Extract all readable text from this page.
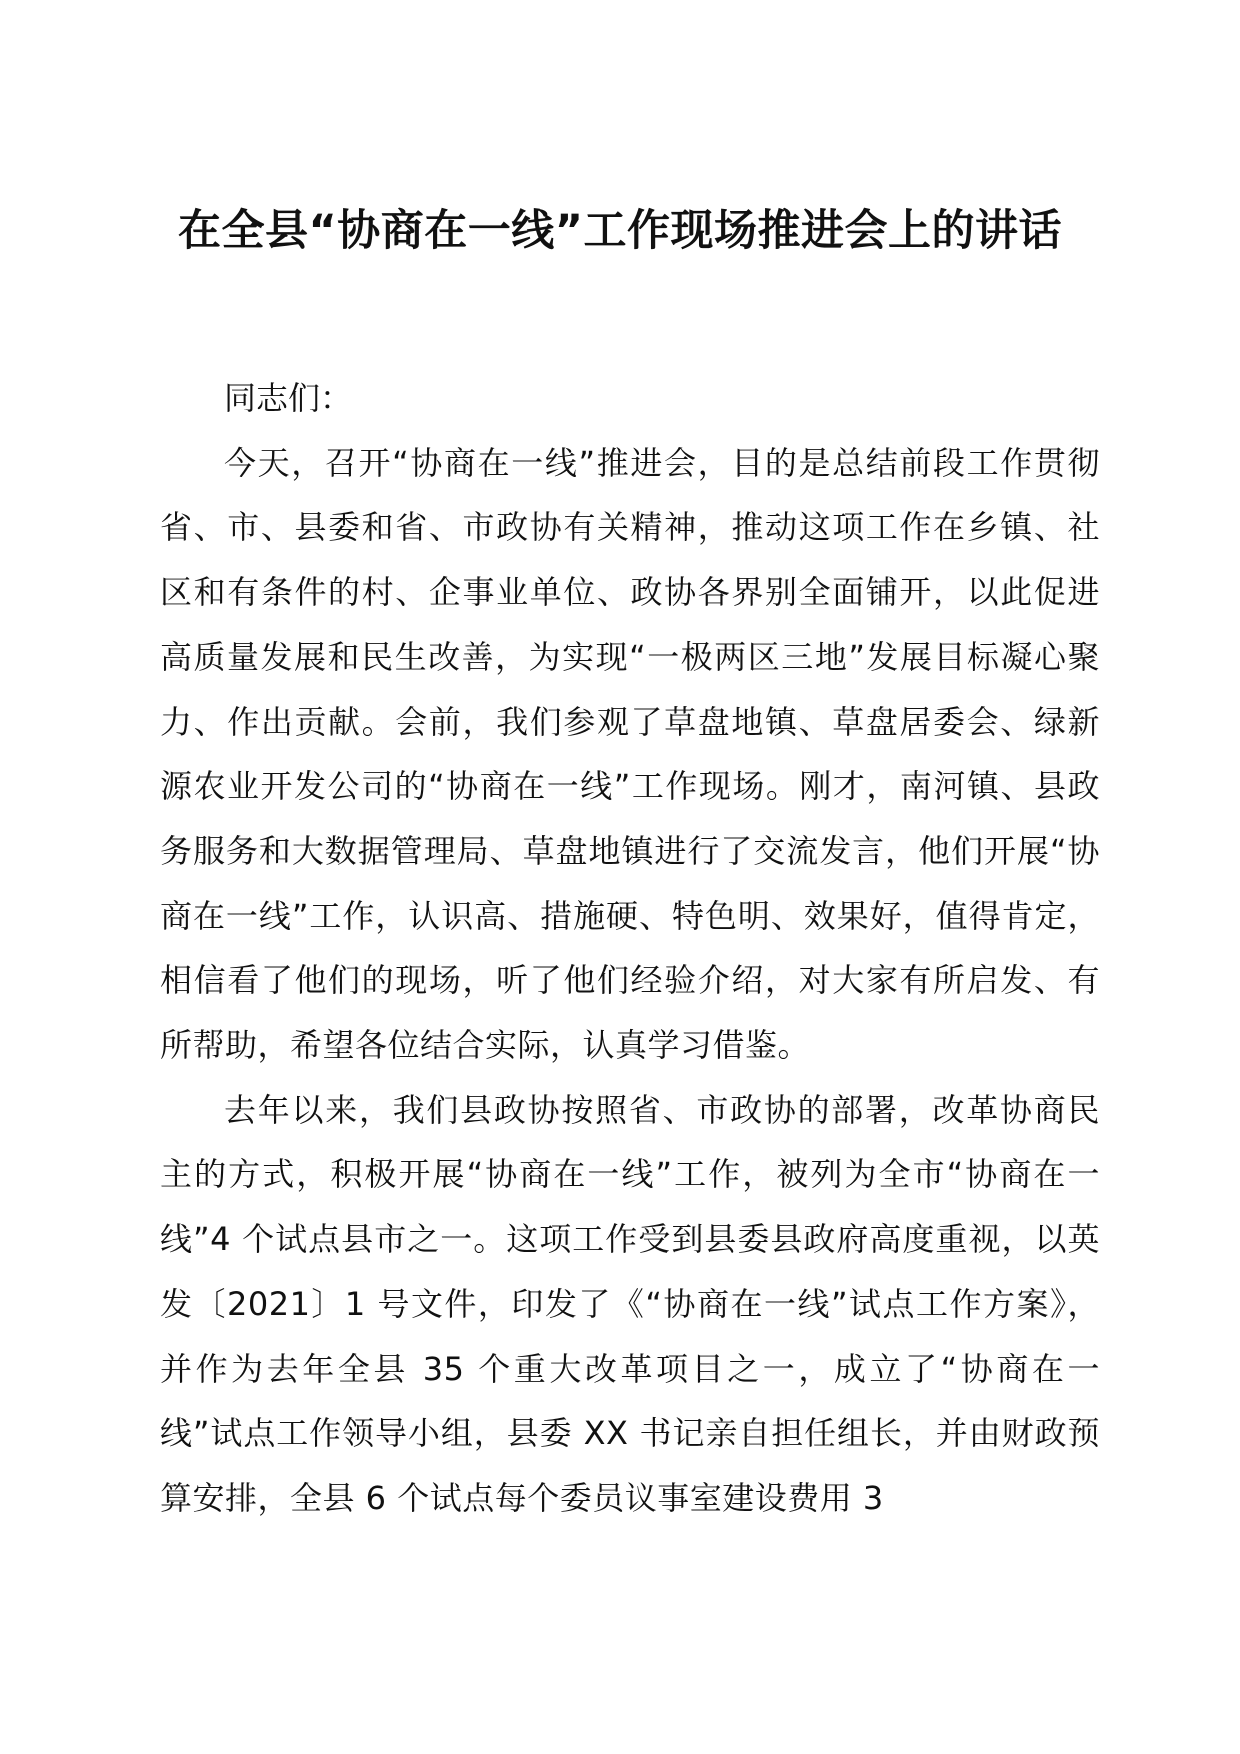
在全县“协商在一线”工作现场推进会上的讲话

同志们：

今天，召开“协商在一线”推进会，目的是总结前段工作贯彻省、市、县委和省、市政协有关精神，推动这项工作在乡镇、社区和有条件的村、企事业单位、政协各界别全面铺开，以此促进高质量发展和民生改善，为实现“一极两区三地”发展目标凝心聚力、作出贡献。会前，我们参观了草盘地镇、草盘居委会、绿新源农业开发公司的“协商在一线”工作现场。刚才，南河镇、县政务服务和大数据管理局、草盘地镇进行了交流发言，他们开展“协商在一线”工作，认识高、措施硬、特色明、效果好，值得肯定，相信看了他们的现场，听了他们经验介绍，对大家有所启发、有所帮助，希望各位结合实际，认真学习借鉴。

去年以来，我们县政协按照省、市政协的部署，改革协商民主的方式，积极开展“协商在一线”工作，被列为全市“协商在一线”4 个试点县市之一。这项工作受到县委县政府高度重视，以英发〔2021〕1 号文件，印发了《“协商在一线”试点工作方案》，并作为去年全县 35 个重大改革项目之一，成立了“协商在一线”试点工作领导小组，县委 XX 书记亲自担任组长，并由财政预算安排，全县 6 个试点每个委员议事室建设费用 3
